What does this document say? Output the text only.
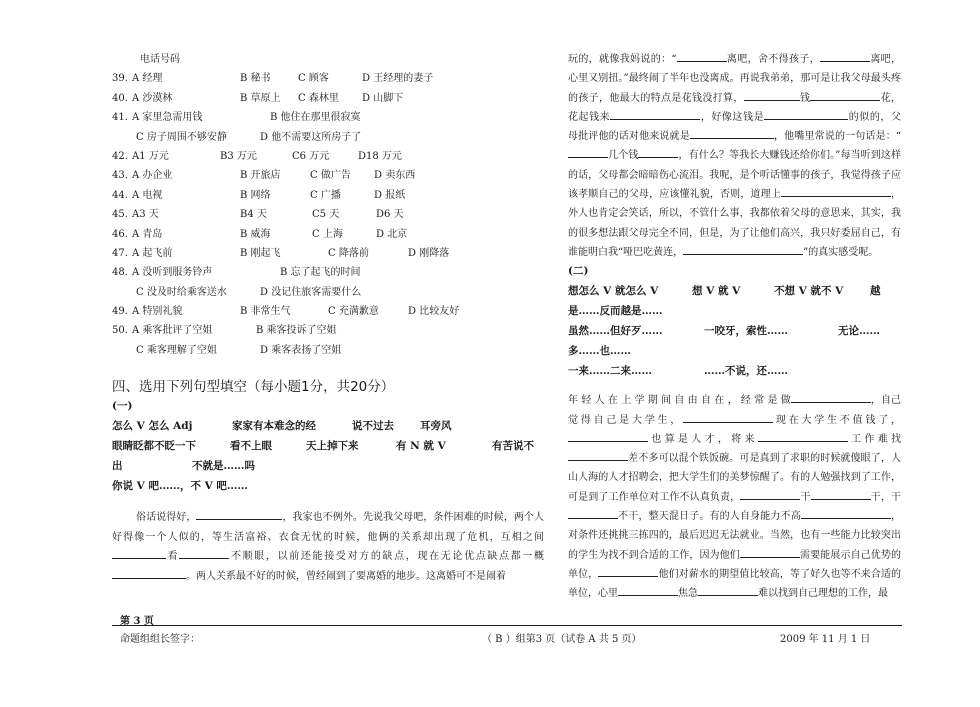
电话号码
39. A 经理	B 秘书	C 顾客	D 王经理的妻子
40. A 沙漠林	B 草原上 C 森林里 D 山脚下
41. A 家里急需用钱	B 他住在那里很寂寞
C 房子周围不够安静	D 他不需要这所房子了
42. A1 万元	B3 万元	C6 万元	D18 万元
43. A 办企业	B 开旅店	C 做广告 D 卖东西
44. A 电视	B 网络	C 广播	D 报纸
45. A3 天	B4 天	C5 天	D6 天
46. A 青岛	B 威海	C 上海	D 北京
47. A 起飞前	B 刚起飞	C 降落前	D 刚降落
48. A 没听到服务铃声	B 忘了起飞的时间
C 没及时给乘客送水	D 没记住旅客需要什么
49. A 特别礼貌	B 非常生气	C 充满歉意	D 比较友好
50. A 乘客批评了空姐	B 乘客投诉了空姐
C 乘客理解了空姐	D 乘客表扬了空姐
四、选用下列句型填空（每小题1分，共20分）
(一)
怎么 V 怎么 Adj	家家有本难念的经	说不过去 耳旁风
眼睛眨都不眨一下	看不上眼	天上掉下来	有 N 就 V	有苦说不
出	不就是……吗
你说 V 吧……，不 V 吧……
俗话说得好，	，我家也不例外。先说我父母吧，条件困难的时候，两个人好得像一个人似的，等生活富裕、衣食无忧的时候，他俩的关系却出现了危机，互相之间看	不顺眼，以前还能接受对方的缺点，现在无论优点缺点都一概。两人关系最不好的时候，曾经闹到了要离婚的地步。这离婚可不是闹着
玩的，就像我妈说的：“	离吧，舍不得孩子，	离吧，心里又别扭。”最终闹了半年也没离成。再说我弟弟，那可是让我父母最头疼的孩子，他最大的特点是花钱没打算，	钱	花，花起钱来	，好像这钱是	的似的，父母批评他的话对他来说就是	，他嘴里常说的一句话是：“几个钱	，有什么？等我长大赚钱还给你们。”每当听到这样的话，父母都会暗暗伤心流泪。我呢，是个听话懂事的孩子，我觉得孩子应该孝顺自己的父母，应该懂礼貌，否则，道理上	，外人也肯定会笑话，所以，不管什么事，我都依着父母的意思来，其实，我的很多想法跟父母完全不同，但是，为了让他们高兴，我只好委屈自己，有谁能明白我“哑巴吃黄连，	”的真实感受呢。
(二)
想怎么 V 就怎么 V	想 V 就 V	不想 V 就不 V	越
是……反而越是……
虽然……但好歹……	一咬牙，索性……	无论……
多……也……
一来……二来……	……不说，还……
年 轻 人 在 上 学 期 间 自 由 自 在 ， 经 常 是 做	，自己觉得自己是大学生，	现在大学生不值钱了，也算是人才，将来	工作难找差不多可以混个铁饭碗。可是真到了求职的时候就傻眼了，人山人海的人才招聘会，把大学生们的美梦惊醒了。有的人勉强找到了工作，可是到了工作单位对工作不认真负责，	干	干，干不干，整天混日子。有的人自身能力不高	，对条件还挑挑三拣四的，最后迟迟无法就业。当然，也有一些能力比较突出的学生为找不到合适的工作，因为他们	需要能展示自己优势的单位，	他们对薪水的期望值比较高，等了好久也等不来合适的单位，心里	焦急	难以找到自己理想的工作，最
第 3 页
命题组组长签字：	（ B ）组第3 页（试卷 A 共 5 页）	2009 年 11 月 1 日
